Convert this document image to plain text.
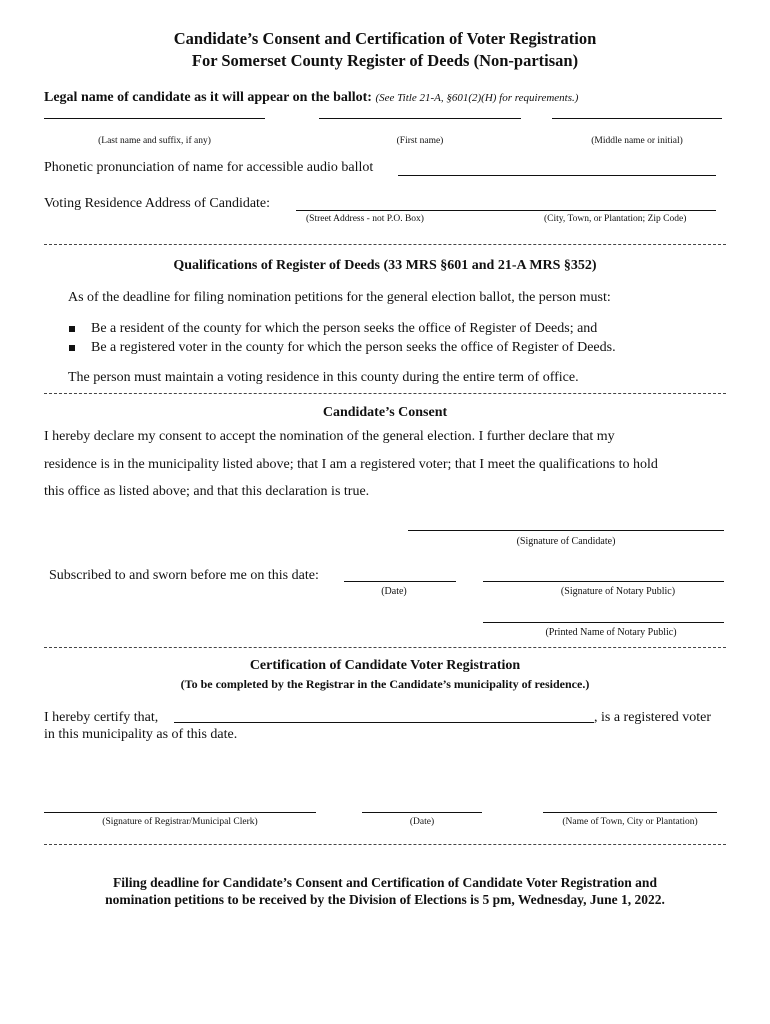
Candidate’s Consent and Certification of Voter Registration
For Somerset County Register of Deeds (Non-partisan)
Legal name of candidate as it will appear on the ballot: (See Title 21-A, §601(2)(H) for requirements.)
(Last name and suffix, if any)	(First name)	(Middle name or initial)
Phonetic pronunciation of name for accessible audio ballot
Voting Residence Address of Candidate:
(Street Address - not P.O. Box)	(City, Town, or Plantation; Zip Code)
Qualifications of Register of Deeds (33 MRS §601 and 21-A MRS §352)
As of the deadline for filing nomination petitions for the general election ballot, the person must:
Be a resident of the county for which the person seeks the office of Register of Deeds; and
Be a registered voter in the county for which the person seeks the office of Register of Deeds.
The person must maintain a voting residence in this county during the entire term of office.
Candidate’s Consent
I hereby declare my consent to accept the nomination of the general election. I further declare that my
residence is in the municipality listed above; that I am a registered voter; that I meet the qualifications to hold
this office as listed above; and that this declaration is true.
(Signature of Candidate)
Subscribed to and sworn before me on this date:
(Date)	(Signature of Notary Public)
(Printed Name of Notary Public)
Certification of Candidate Voter Registration
(To be completed by the Registrar in the Candidate’s municipality of residence.)
I hereby certify that,	, is a registered voter
in this municipality as of this date.
(Signature of Registrar/Municipal Clerk)	(Date)	(Name of Town, City or Plantation)
Filing deadline for Candidate’s Consent and Certification of Candidate Voter Registration and
nomination petitions to be received by the Division of Elections is 5 pm, Wednesday, June 1, 2022.
